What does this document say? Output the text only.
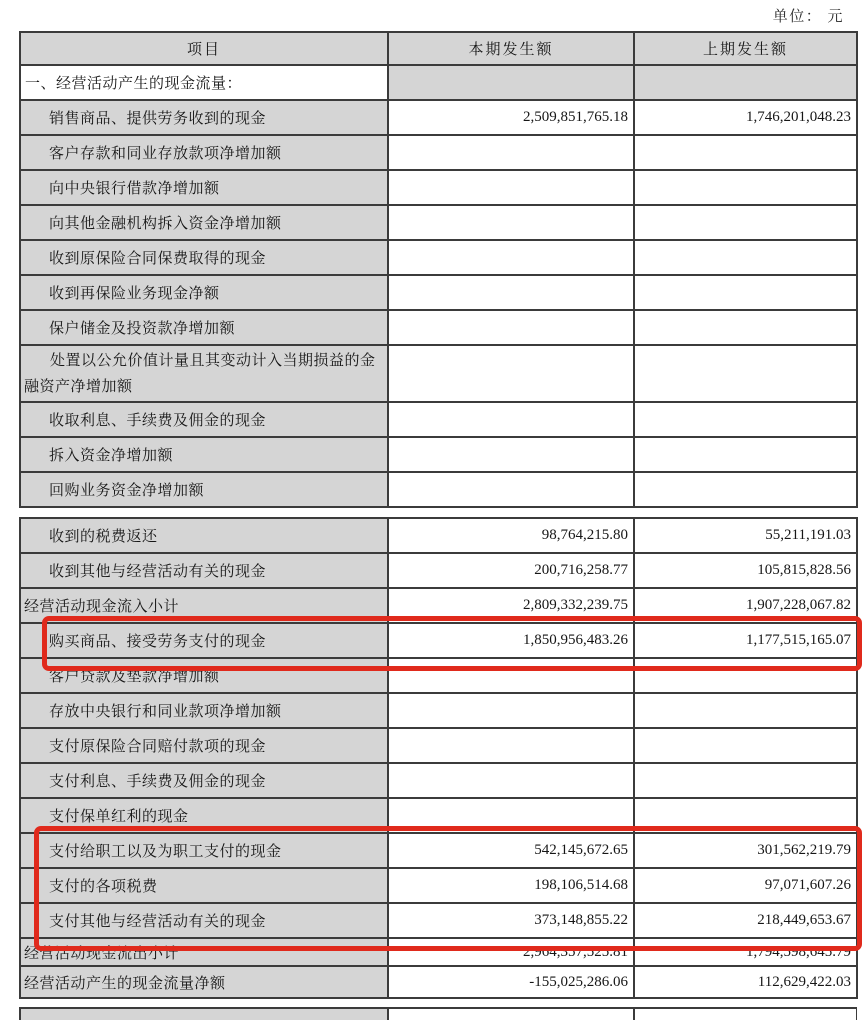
单位： 元
项目	本期发生额	上期发生额
一、经营活动产生的现金流量：		
销售商品、提供劳务收到的现金	2,509,851,765.18	1,746,201,048.23
客户存款和同业存放款项净增加额		
向中央银行借款净增加额		
向其他金融机构拆入资金净增加额		
收到原保险合同保费取得的现金		
收到再保险业务现金净额		
保户储金及投资款净增加额		
处置以公允价值计量且其变动计入当期损益的金融资产净增加额		
收取利息、手续费及佣金的现金		
拆入资金净增加额		
回购业务资金净增加额		
收到的税费返还	98,764,215.80	55,211,191.03
收到其他与经营活动有关的现金	200,716,258.77	105,815,828.56
经营活动现金流入小计	2,809,332,239.75	1,907,228,067.82
购买商品、接受劳务支付的现金	1,850,956,483.26	1,177,515,165.07
客户贷款及垫款净增加额		
存放中央银行和同业款项净增加额		
支付原保险合同赔付款项的现金		
支付利息、手续费及佣金的现金		
支付保单红利的现金		
支付给职工以及为职工支付的现金	542,145,672.65	301,562,219.79
支付的各项税费	198,106,514.68	97,071,607.26
支付其他与经营活动有关的现金	373,148,855.22	218,449,653.67
经营活动现金流出小计	2,964,357,525.81	1,794,598,645.79
经营活动产生的现金流量净额	-155,025,286.06	112,629,422.03
